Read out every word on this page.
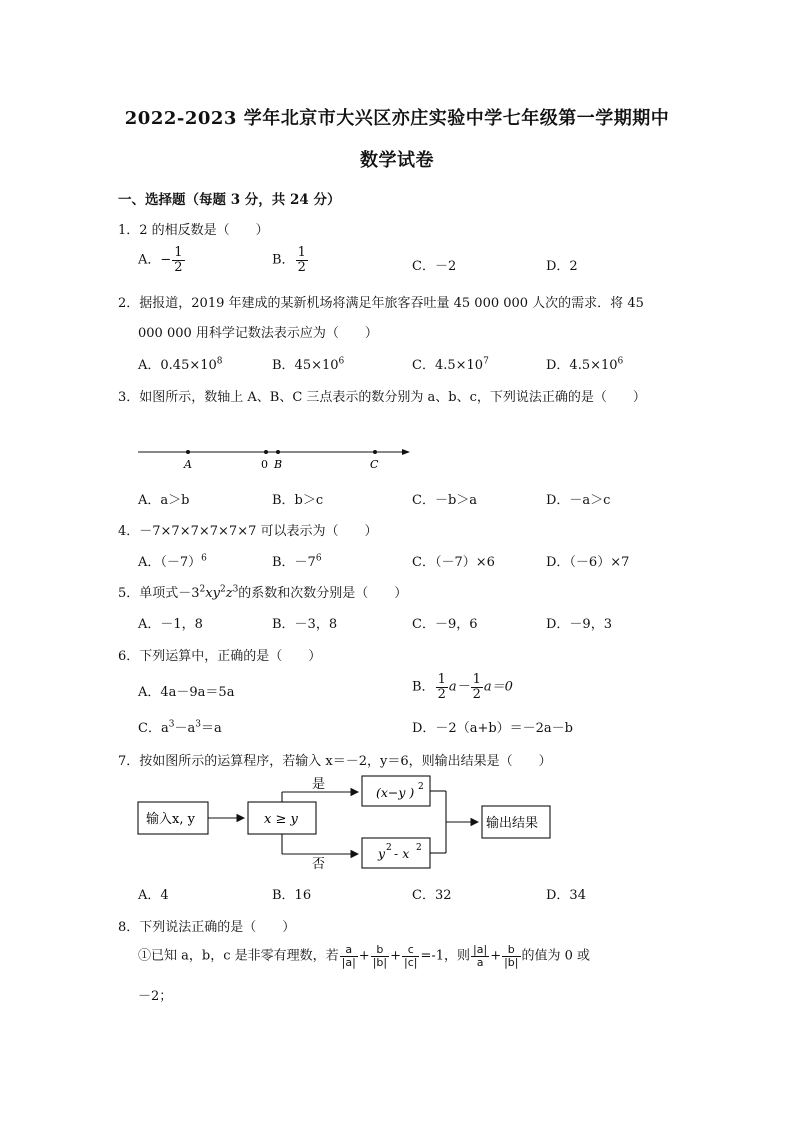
2022-2023 学年北京市大兴区亦庄实验中学七年级第一学期期中
数学试卷
一、选择题（每题 3 分，共 24 分）
1．2 的相反数是（　　）
A．− $\frac{1}{2}$	B． $\frac{1}{2}$	C．－2	D．2
2．据报道，2019 年建成的某新机场将满足年旅客吞吐量 45 000 000 人次的需求．将 45
000 000 用科学记数法表示应为（　　）
A．$0.45\times 10^8$	B．$45\times 10^6$	C．$4.5\times 10^7$	D．$4.5\times 10^6$
3．如图所示，数轴上 A、B、C 三点表示的数分别为 a、b、c，下列说法正确的是（　　）
A	0 B	C
A．a＞b	B．b＞c	C．－b＞a	D．－a＞c
4．－7×7×7×7×7×7 可以表示为（　　）
A．$(-7)^6$	B．$-7^6$	C．（－7）×6	D．（－6）×7
5．单项式$-3^2xy^2z^3$的系数和次数分别是（　　）
A．－1，8	B．－3，8	C．－9，6	D．－9，3
6．下列运算中，正确的是（　　）
A．4a－9a＝5a	B． $\frac{1}{2} a- \frac{1}{2} a=0$
C．$a^3-a^3=a$	D．－2（a+b）＝－2a－b
7．按如图所示的运算程序，若输入 x＝－2，y＝6，则输出结果是（　　）
输入x, y	x ≥ y
是
否
(x−y ) 2
y 2 - x 2
输出结果
A．4	B．16	C．32	D．34
8．下列说法正确的是（　　）
①已知 a，b，c 是非零有理数，若 $\frac{a}{|a|} + \frac{b}{|b|} + \frac{c}{|c|} =-1$，则 $\frac{|a|}{a} + \frac{b}{|b|}$ 的值为 0 或
－2；
